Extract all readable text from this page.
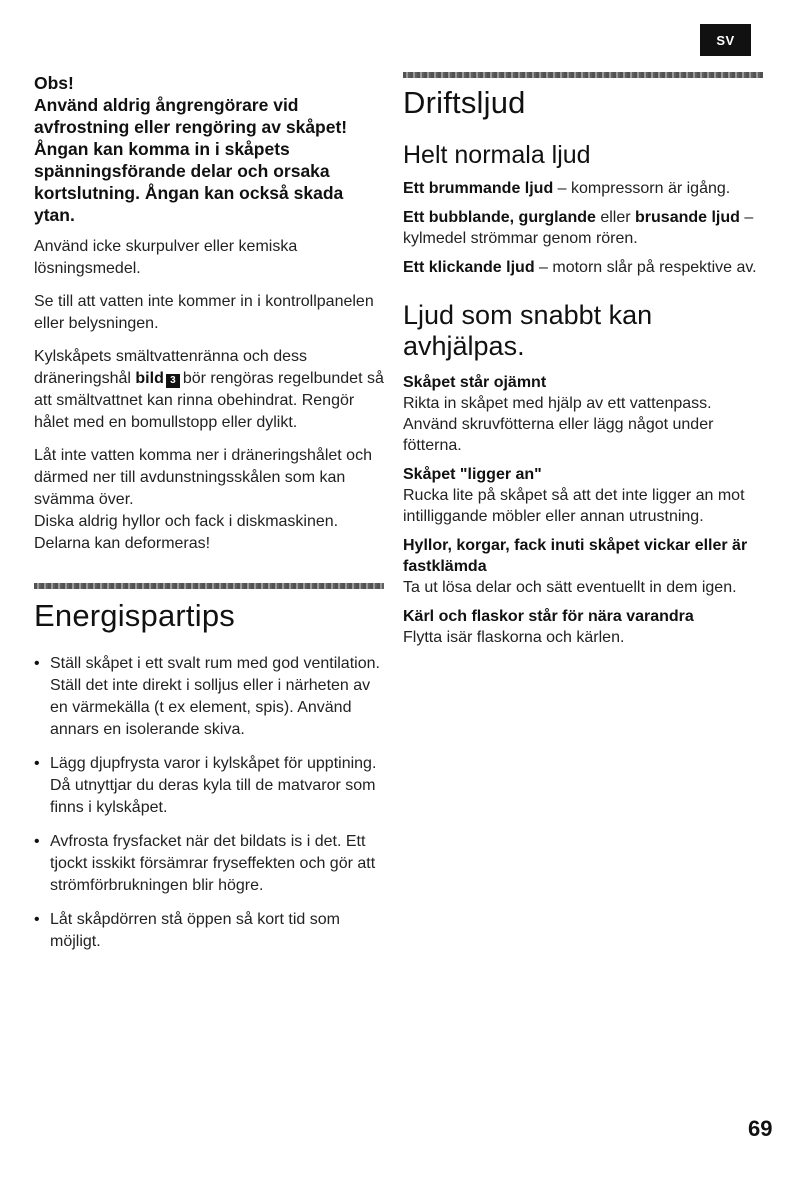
SV
Obs!
Använd aldrig ångrengörare vid avfrostning eller rengöring av skåpet! Ångan kan komma in i skåpets spänningsförande delar och orsaka kortslutning. Ångan kan också skada ytan.

Använd icke skurpulver eller kemiska lösningsmedel.

Se till att vatten inte kommer in i kontrollpanelen eller belysningen.

Kylskåpets smältvattenränna och dess dräneringshål bild 3 bör rengöras regelbundet så att smältvattnet kan rinna obehindrat. Rengör hålet med en bomullstopp eller dylikt.

Låt inte vatten komma ner i dräneringshålet och därmed ner till avdunstningsskålen som kan svämma över.

Diska aldrig hyllor och fack i diskmaskinen. Delarna kan deformeras!

Energispartips
• Ställ skåpet i ett svalt rum med god ventilation. Ställ det inte direkt i solljus eller i närheten av en värmekälla (t ex element, spis). Använd annars en isolerande skiva.
• Lägg djupfrysta varor i kylskåpet för upptining. Då utnyttjar du deras kyla till de matvaror som finns i kylskåpet.
• Avfrosta frysfacket när det bildats is i det. Ett tjockt isskikt försämrar fryseffekten och gör att strömförbrukningen blir högre.
• Låt skåpdörren stå öppen så kort tid som möjligt.
Driftsljud
Helt normala ljud

Ett brummande ljud – kompressorn är igång.

Ett bubblande, gurglande eller brusande ljud – kylmedel strömmar genom rören.

Ett klickande ljud – motorn slår på respektive av.

Ljud som snabbt kan avhjälpas.
Skåpet står ojämnt
Rikta in skåpet med hjälp av ett vattenpass. Använd skruvfötterna eller lägg något under fötterna.
Skåpet "ligger an"
Rucka lite på skåpet så att det inte ligger an mot intilliggande möbler eller annan utrustning.
Hyllor, korgar, fack inuti skåpet vickar eller är fastklämda
Ta ut lösa delar och sätt eventuellt in dem igen.
Kärl och flaskor står för nära varandra
Flytta isär flaskorna och kärlen.
69
